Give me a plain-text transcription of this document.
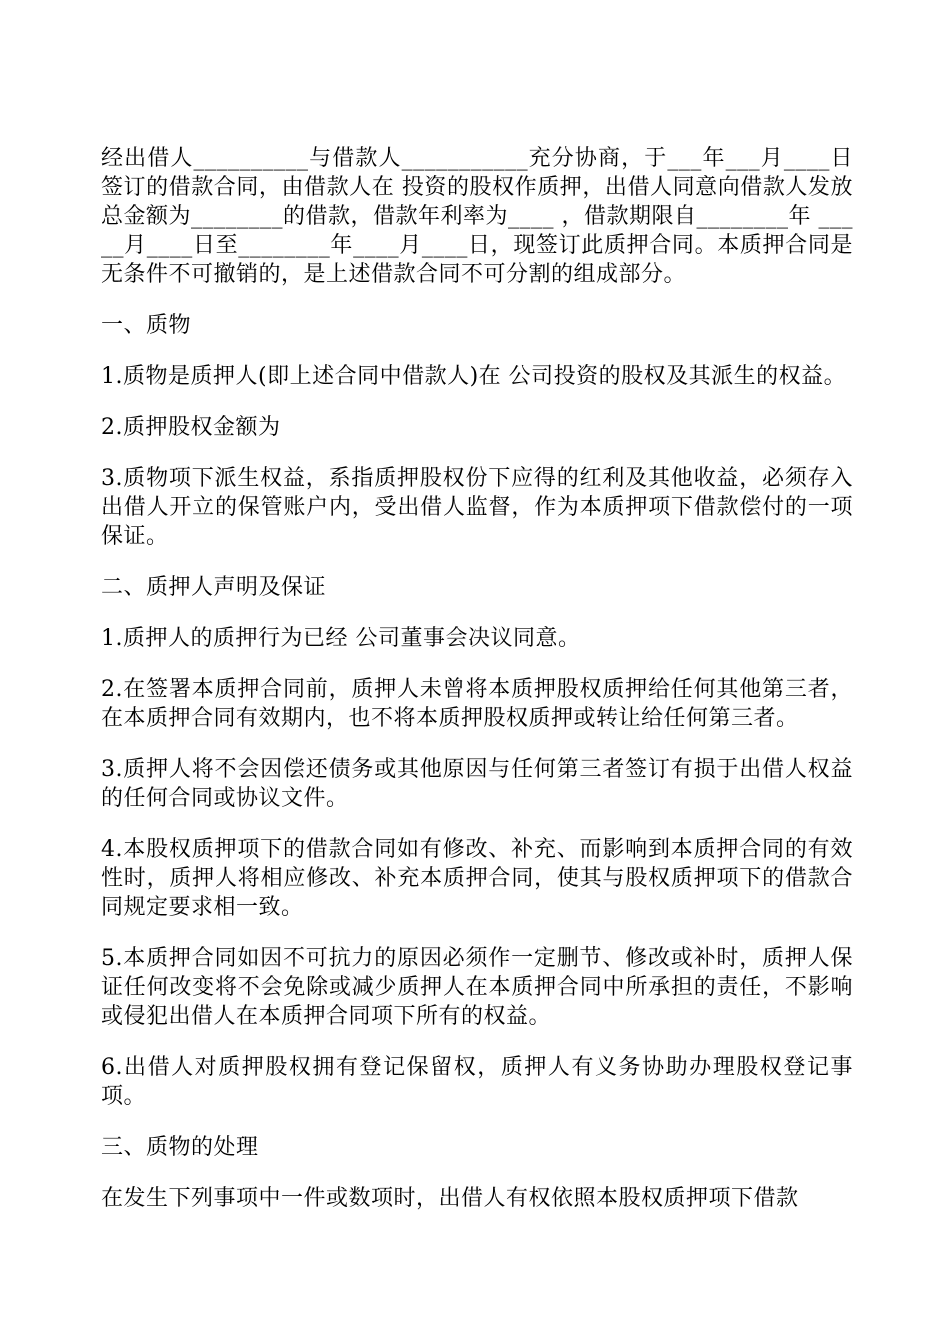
经出借人__________与借款人___________充分协商，于___年___月____日签订的借款合同，由借款人在 投资的股权作质押，出借人同意向借款人发放总金额为________的借款，借款年利率为____ ，借款期限自________年 _____月____日至________年____月____日，现签订此质押合同。本质押合同是无条件不可撤销的，是上述借款合同不可分割的组成部分。

一、质物

1.质物是质押人(即上述合同中借款人)在 公司投资的股权及其派生的权益。

2.质押股权金额为

3.质物项下派生权益，系指质押股权份下应得的红利及其他收益，必须存入出借人开立的保管账户内，受出借人监督，作为本质押项下借款偿付的一项保证。

二、质押人声明及保证

1.质押人的质押行为已经 公司董事会决议同意。

2.在签署本质押合同前，质押人未曾将本质押股权质押给任何其他第三者，在本质押合同有效期内，也不将本质押股权质押或转让给任何第三者。

3.质押人将不会因偿还债务或其他原因与任何第三者签订有损于出借人权益的任何合同或协议文件。

4.本股权质押项下的借款合同如有修改、补充、而影响到本质押合同的有效性时，质押人将相应修改、补充本质押合同，使其与股权质押项下的借款合同规定要求相一致。

5.本质押合同如因不可抗力的原因必须作一定删节、修改或补时，质押人保证任何改变将不会免除或减少质押人在本质押合同中所承担的责任，不影响或侵犯出借人在本质押合同项下所有的权益。

6.出借人对质押股权拥有登记保留权，质押人有义务协助办理股权登记事项。

三、质物的处理

在发生下列事项中一件或数项时，出借人有权依照本股权质押项下借款
